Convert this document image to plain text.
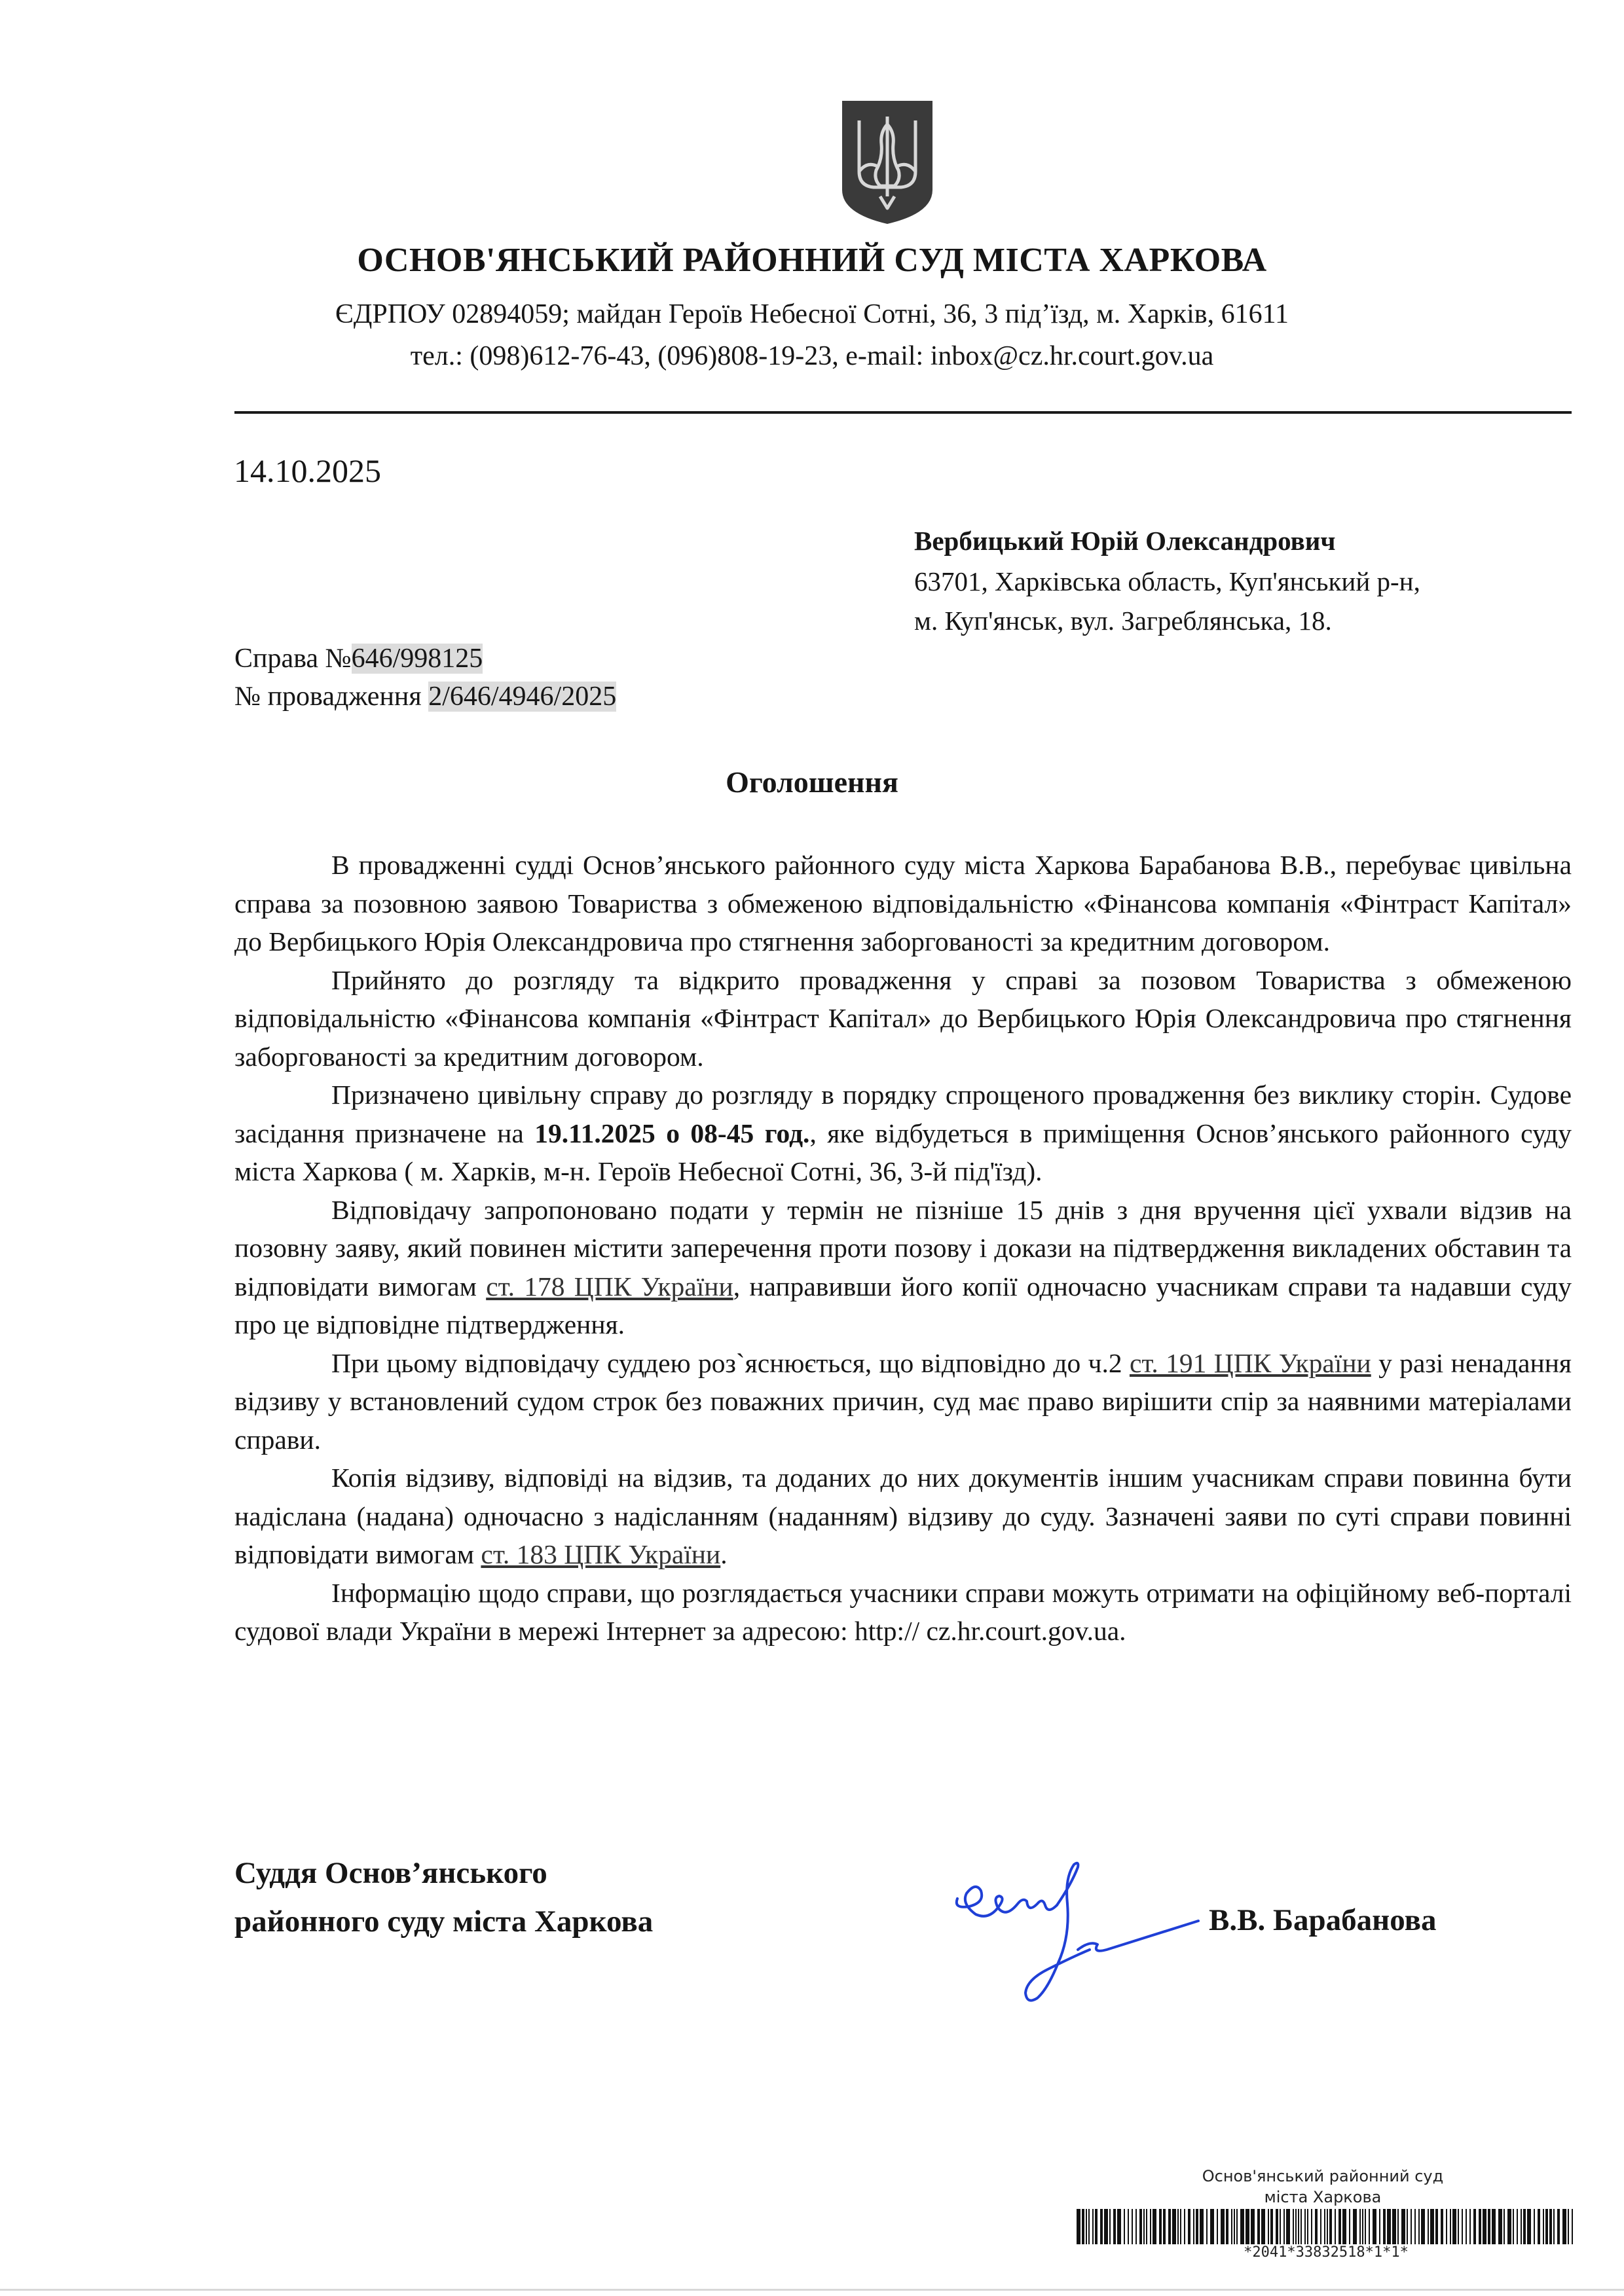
ОСНОВ'ЯНСЬКИЙ РАЙОННИЙ СУД МІСТА ХАРКОВА
ЄДРПОУ 02894059; майдан Героїв Небесної Сотні, 36, 3 під’їзд, м. Харків, 61611
тел.: (098)612-76-43, (096)808-19-23, e-mail: inbox@cz.hr.court.gov.ua
14.10.2025
Вербицький Юрій Олександрович
63701, Харківська область, Куп'янський р-н,
м. Куп'янськ, вул. Загреблянська, 18.
Справа №646/998125
№ провадження 2/646/4946/2025
Оголошення

В провадженні судді Основ’янського районного суду міста Харкова Барабанова В.В., перебуває цивільна справа за позовною заявою Товариства з обмеженою відповідальністю «Фінансова компанія «Фінтраст Капітал» до Вербицького Юрія Олександровича про стягнення заборгованості за кредитним договором.

Прийнято до розгляду та відкрито провадження у справі за позовом Товариства з обмеженою відповідальністю «Фінансова компанія «Фінтраст Капітал» до Вербицького Юрія Олександровича про стягнення заборгованості за кредитним договором.

Призначено цивільну справу до розгляду в порядку спрощеного провадження без виклику сторін. Судове засідання призначене на 19.11.2025 о 08-45 год., яке відбудеться в приміщення Основ’янського районного суду міста Харкова ( м. Харків, м-н. Героїв Небесної Сотні, 36, 3-й під'їзд).

Відповідачу запропоновано подати у термін не пізніше 15 днів з дня вручення цієї ухвали відзив на позовну заяву, який повинен містити заперечення проти позову і докази на підтвердження викладених обставин та відповідати вимогам ст. 178 ЦПК України, направивши його копії одночасно учасникам справи та надавши суду про це відповідне підтвердження.

При цьому відповідачу суддею роз`яснюється, що відповідно до ч.2 ст. 191 ЦПК України у разі ненадання відзиву у встановлений судом строк без поважних причин, суд має право вирішити спір за наявними матеріалами справи.

Копія відзиву, відповіді на відзив, та доданих до них документів іншим учасникам справи повинна бути надіслана (надана) одночасно з надісланням (наданням) відзиву до суду. Зазначені заяви по суті справи повинні відповідати вимогам ст. 183 ЦПК України.

Інформацію щодо справи, що розглядається учасники справи можуть отримати на офіційному веб-порталі судової влади України в мережі Інтернет за адресою: http:// cz.hr.court.gov.ua.

Суддя Основ’янського
районного суду міста Харкова	В.В. Барабанова
Основ'янський районний суд
міста Харкова
*2041*33832518*1*1*
